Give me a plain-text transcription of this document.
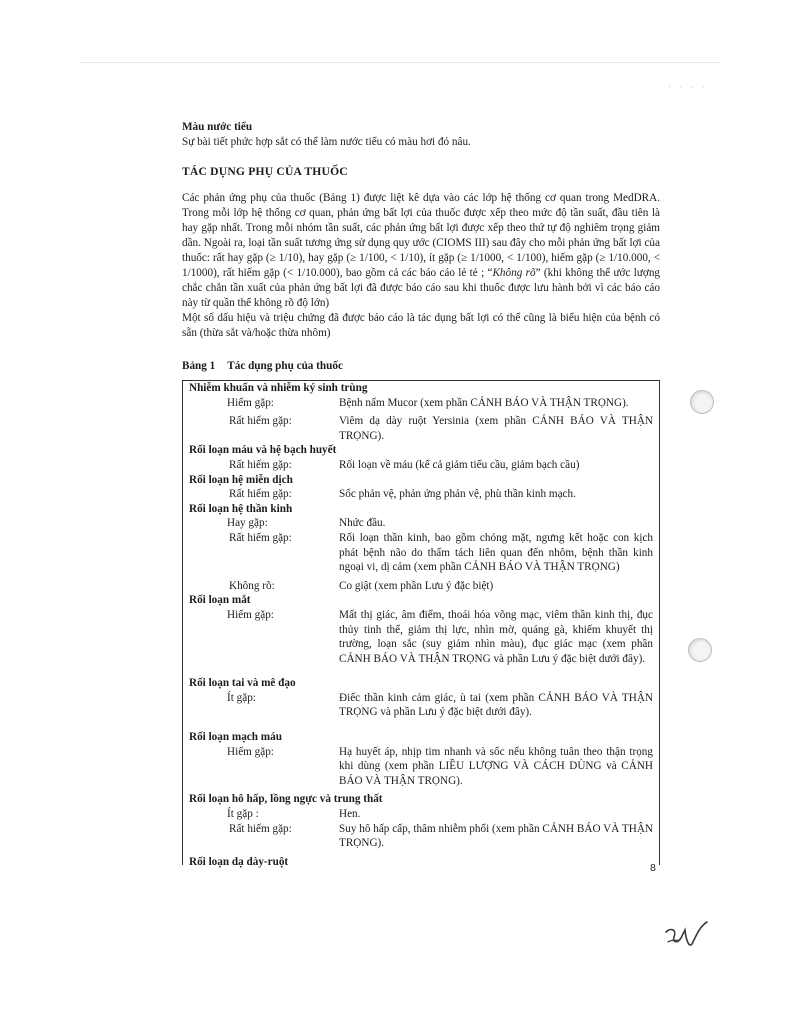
· · · ·

Màu nước tiểu

Sự bài tiết phức hợp sắt có thể làm nước tiểu có màu hơi đỏ nâu.

TÁC DỤNG PHỤ CỦA THUỐC

Các phản ứng phụ của thuốc (Bảng 1) được liệt kê dựa vào các lớp hệ thống cơ quan trong MedDRA. Trong mỗi lớp hệ thống cơ quan, phản ứng bất lợi của thuốc được xếp theo mức độ tần suất, đầu tiên là hay gặp nhất. Trong mỗi nhóm tần suất, các phản ứng bất lợi được xếp theo thứ tự độ nghiêm trọng giảm dần. Ngoài ra, loại tần suất tương ứng sử dụng quy ước (CIOMS III) sau đây cho mỗi phản ứng bất lợi của thuốc: rất hay gặp (≥ 1/10), hay gặp (≥ 1/100, < 1/10), ít gặp (≥ 1/1000, < 1/100), hiếm gặp (≥ 1/10.000, < 1/1000), rất hiếm gặp (< 1/10.000), bao gồm cả các báo cáo lẻ tẻ ; “Không rõ” (khi không thể ước lượng chắc chắn tần xuất của phản ứng bất lợi đã được báo cáo sau khi thuốc được lưu hành bởi vì các báo cáo này từ quần thể không rõ độ lớn)

Một số dấu hiệu và triệu chứng đã được báo cáo là tác dụng bất lợi có thể cũng là biểu hiện của bệnh có sẵn (thừa sắt và/hoặc thừa nhôm)

Bảng 1 Tác dụng phụ của thuốc

Nhiễm khuẩn và nhiễm ký sinh trùng
Hiếm gặp:	Bệnh nấm Mucor (xem phần CẢNH BÁO VÀ THẬN TRỌNG).
Rất hiếm gặp:	Viêm dạ dày ruột Yersinia (xem phần CẢNH BÁO VÀ THẬN TRỌNG).
Rối loạn máu và hệ bạch huyết
Rất hiếm gặp:	Rối loạn về máu (kể cả giảm tiểu cầu, giảm bạch cầu)
Rối loạn hệ miễn dịch
Rất hiếm gặp:	Sốc phản vệ, phản ứng phản vệ, phù thần kinh mạch.
Rối loạn hệ thần kinh
Hay gặp:	Nhức đầu.
Rất hiếm gặp:	Rối loạn thần kinh, bao gồm chóng mặt, ngưng kết hoặc con kịch phát bệnh não do thẩm tách liên quan đến nhôm, bệnh thần kinh ngoại vi, dị cảm (xem phần CẢNH BÁO VÀ THẬN TRỌNG)
Không rõ:	Co giật (xem phần Lưu ý đặc biệt)
Rối loạn mắt
Hiếm gặp:	Mất thị giác, âm điểm, thoái hóa võng mạc, viêm thần kinh thị, đục thủy tinh thể, giảm thị lực, nhìn mờ, quáng gà, khiếm khuyết thị trường, loạn sắc (suy giảm nhìn màu), đục giác mạc (xem phần CẢNH BÁO VÀ THẬN TRỌNG và phần Lưu ý đặc biệt dưới đây).
Rối loạn tai và mê đạo
Ít gặp:	Điếc thần kinh cảm giác, ù tai (xem phần CẢNH BÁO VÀ THẬN TRỌNG và phần Lưu ý đặc biệt dưới đây).
Rối loạn mạch máu
Hiếm gặp:	Hạ huyết áp, nhịp tim nhanh và sốc nếu không tuân theo thận trọng khi dùng (xem phần LIỀU LƯỢNG VÀ CÁCH DÙNG và CẢNH BÁO VÀ THẬN TRỌNG).
Rối loạn hô hấp, lồng ngực và trung thất
Ít gặp :	Hen.
Rất hiếm gặp:	Suy hô hấp cấp, thâm nhiễm phổi (xem phần CẢNH BÁO VÀ THẬN TRỌNG).
Rối loạn dạ dày-ruột
8
